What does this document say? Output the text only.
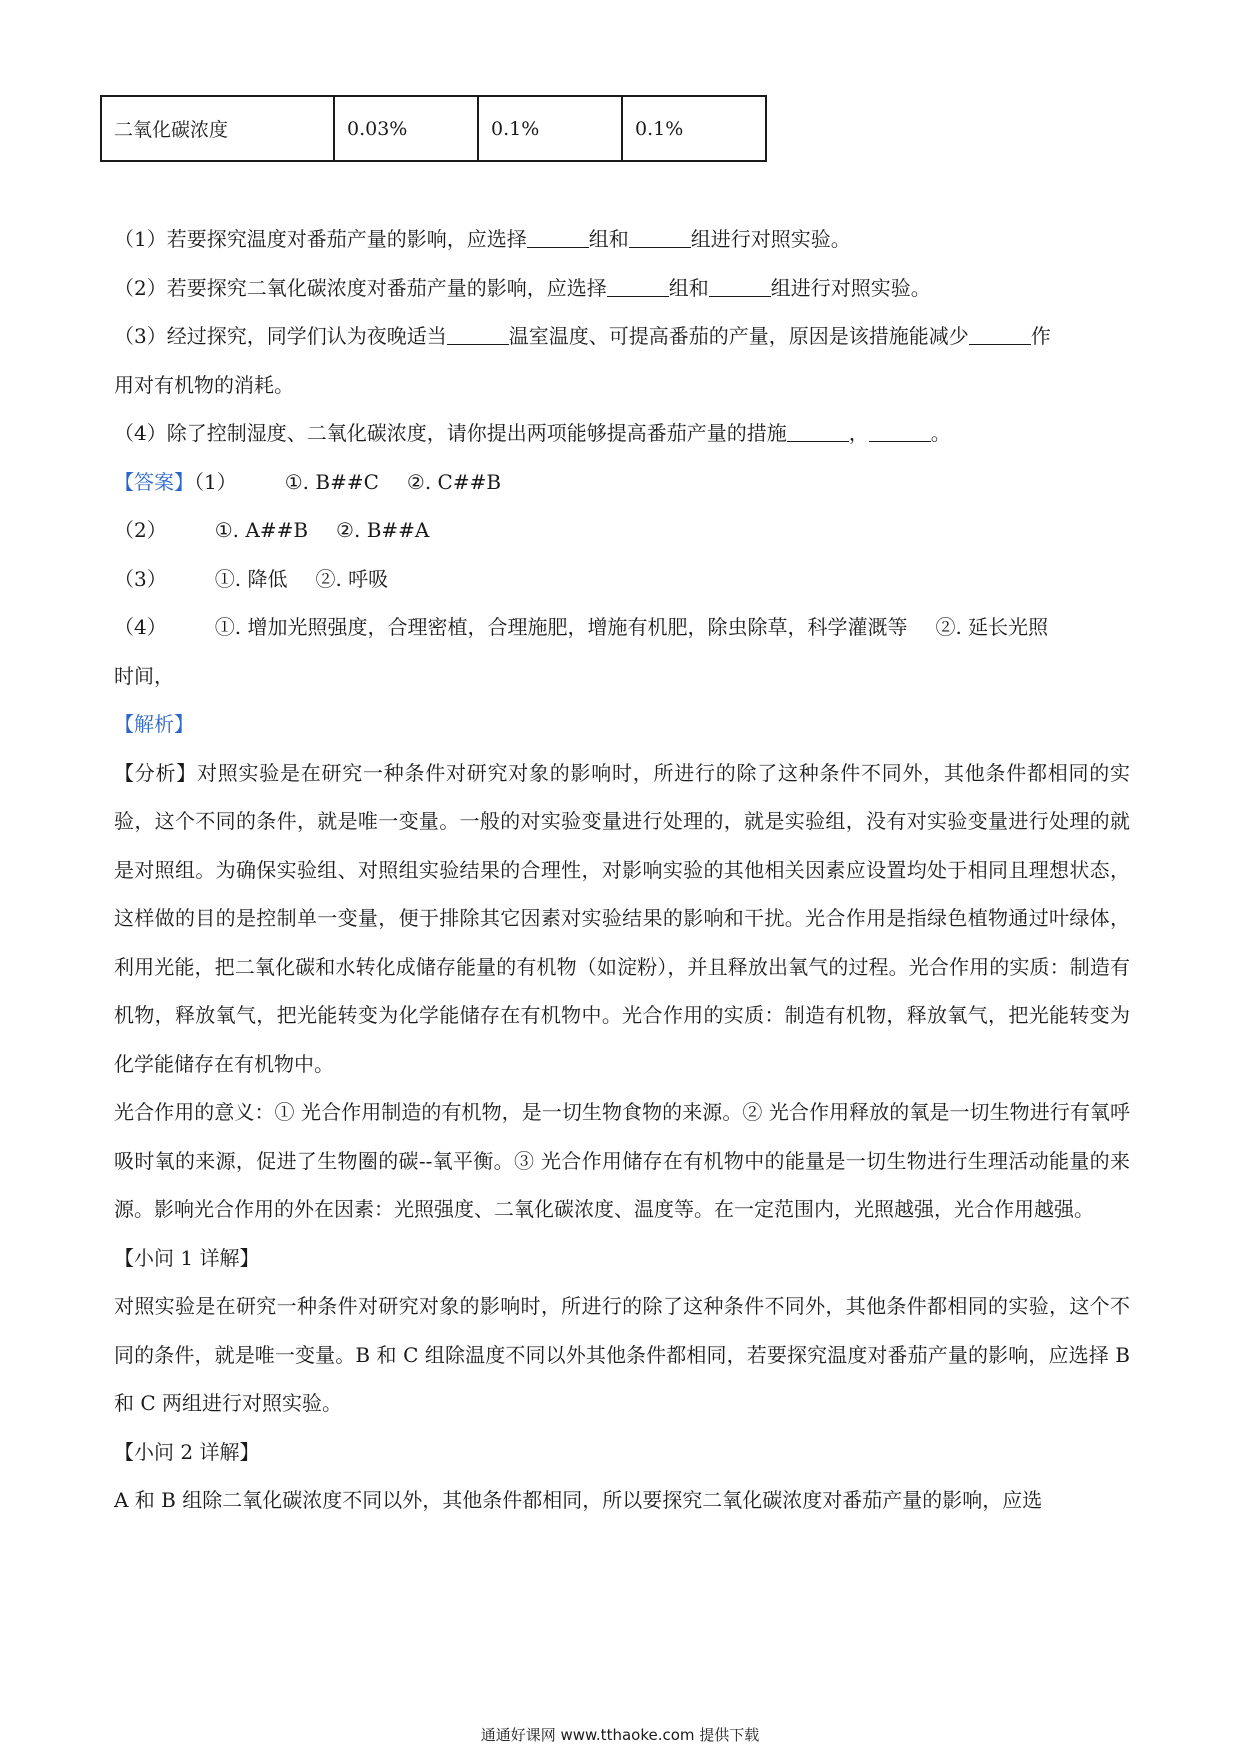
二氧化碳浓度	0.03%	0.1%	0.1%
（1）若要探究温度对番茄产量的影响，应选择	组和	组进行对照实验。
（2）若要探究二氧化碳浓度对番茄产量的影响，应选择	组和	组进行对照实验。
（3）经过探究，同学们认为夜晚适当	温室温度、可提高番茄的产量，原因是该措施能减少	作
用对有机物的消耗。
（4）除了控制湿度、二氧化碳浓度，请你提出两项能够提高番茄产量的措施	，	。
【答案】（1） ①. B##C ②. C##B
（2） ①. A##B ②. B##A
（3） ①. 降低 ②. 呼吸
（4） ①. 增加光照强度，合理密植，合理施肥，增施有机肥，除虫除草，科学灌溉等 ②. 延长光照
时间，
【解析】
【分析】对照实验是在研究一种条件对研究对象的影响时，所进行的除了这种条件不同外，其他条件都相同的实验，这个不同的条件，就是唯一变量。一般的对实验变量进行处理的，就是实验组，没有对实验变量进行处理的就是对照组。为确保实验组、对照组实验结果的合理性，对影响实验的其他相关因素应设置均处于相同且理想状态，这样做的目的是控制单一变量，便于排除其它因素对实验结果的影响和干扰。光合作用是指绿色植物通过叶绿体，利用光能，把二氧化碳和水转化成储存能量的有机物（如淀粉），并且释放出氧气的过程。光合作用的实质：制造有机物，释放氧气，把光能转变为化学能储存在有机物中。光合作用的实质：制造有机物，释放氧气，把光能转变为化学能储存在有机物中。
光合作用的意义：① 光合作用制造的有机物，是一切生物食物的来源。② 光合作用释放的氧是一切生物进行有氧呼吸时氧的来源，促进了生物圈的碳--氧平衡。③ 光合作用储存在有机物中的能量是一切生物进行生理活动能量的来源。影响光合作用的外在因素：光照强度、二氧化碳浓度、温度等。在一定范围内，光照越强，光合作用越强。
【小问 1 详解】
对照实验是在研究一种条件对研究对象的影响时，所进行的除了这种条件不同外，其他条件都相同的实验，这个不同的条件，就是唯一变量。B 和 C 组除温度不同以外其他条件都相同，若要探究温度对番茄产量的影响，应选择 B 和 C 两组进行对照实验。
【小问 2 详解】
A 和 B 组除二氧化碳浓度不同以外，其他条件都相同，所以要探究二氧化碳浓度对番茄产量的影响，应选
通通好课网 www.tthaoke.com 提供下载
